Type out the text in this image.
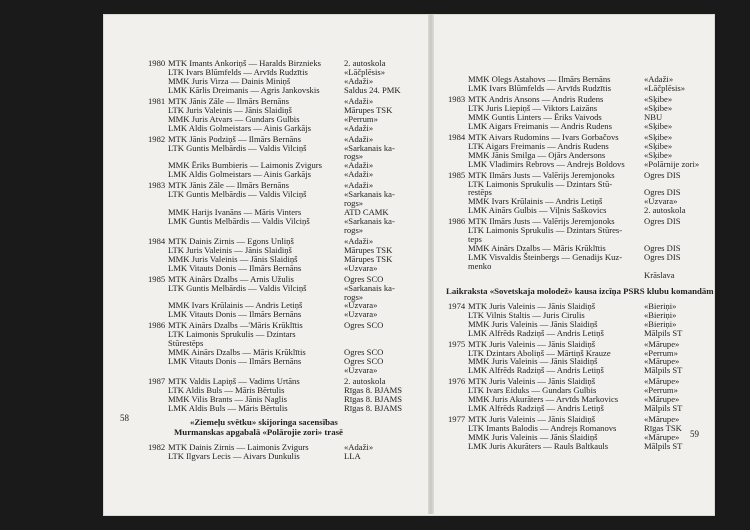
1980 MTK Imants Ankoriņš — Haralds Birznieks
LTK Ivars Blūmfelds — Arvīds Rudzītis
MMK Juris Virza — Dainis Miniņš
LMK Kārlis Dreimanis — Agris Jankovskis
2. autoskola
«Lāčplēsis»
«Adaži»
Saldus 24. PMK
1981 MTK Jānis Zāle — Ilmārs Bernāns
LTK Juris Valeinis — Jānis Slaidiņš
MMK Juris Atvars — Gundars Gulbis
LMK Aldis Golmeistars — Ainis Garkājs
«Adaži»
Mārupes TSK
«Perrum»
«Adaži»
1982 MTK Jānis Podziņš — Ilmārs Bernāns
LTK Guntis Melbārdis — Valdis Vilciņš
MMK Ēriks Bumbieris — Laimonis Zvigurs
LMK Aldis Golmeistars — Ainis Garkājs
«Adaži»
«Sarkanais ka-
rogs»
«Adaži»
«Adaži»
1983 MTK Jānis Zāle — Ilmārs Bernāns
LTK Guntis Melbārdis — Valdis Vilciņš
MMK Harijs Ivanāns — Māris Vinters
LMK Guntis Melbārdis — Valdis Vilciņš
«Adaži»
«Sarkanais ka-
rogs»
ATD CAMK
«Sarkanais ka-
rogs»
1984 MTK Dainis Zirnis — Egons Unliņš
LTK Juris Valeinis — Jānis Slaidiņš
MMK Juris Valeinis — Jānis Slaidiņš
LMK Vitauts Donis — Ilmārs Bernāns
«Adaži»
Mārupes TSK
Mārupes TSK
«Uzvara»
1985 MTK Ainārs Dzalbs — Arnis Užulis
LTK Guntis Melbārdis — Valdis Vilciņš
MMK Ivars Krūlainis — Andris Letiņš
LMK Vitauts Donis — Ilmārs Bernāns
Ogres SCO
«Sarkanais ka-
rogs»
«Uzvara»
«Uzvara»
1986 MTK Ainārs Dzalbs —'Māris Krūklītis
LTK Laimonis Sprukulis — Dzintars
Stūrestēps
MMK Ainārs Dzalbs — Māris Krūklītis
LMK Vitauts Donis — Ilmārs Bernāns
Ogres SCO
Ogres SCO
Ogres SCO
«Uzvara»
1987 MTK Valdis Lapiņš — Vadims Urtāns
LTK Aldis Buls — Māris Bērtulis
MMK Vilis Brants — Jānis Naglis
LMK Aldis Buls — Māris Bērtulis
2. autoskola
Rīgas 8. BJAMS
Rīgas 8. BJAMS
Rīgas 8. BJAMS
«Ziemeļu svētku» skijoringa sacensības
Murmanskas apgabalā «Polārojie zori» trasē
1982 MTK Dainis Zirnis — Laimonis Zvigurs
LTK Ilgvars Lecis — Aivars Dunkulis
«Adaži»
LLA
58
MMK Olegs Astahovs — Ilmārs Bernāns
LMK Ivars Blūmfelds — Arvīds Rudzītis
«Adaži»
«Lāčplēsis»
1983 MTK Andris Ansons — Andris Rudens
LTK Juris Liepiņš — Viktors Laizāns
MMK Guntis Linters — Ēriks Vaivods
LMK Aigars Freimanis — Andris Rudens
«Sķibe»
«Sķibe»
NBU
«Sķibe»
1984 MTK Aivars Rudomins — Ivars Gorbačovs
LTK Aigars Freimanis — Andris Rudens
MMK Jānis Smilga — Ojārs Andersons
LMK Vladimirs Rebrovs — Andrejs Boldovs
«Sķibe»
«Sķibe»
«Sķibe»
«Polārnije zori»
1985 MTK Ilmārs Justs — Valērijs Jeremjonoks
LTK Laimonis Sprukulis — Dzintars Stū-
restēps
MMK Ivars Krūlainis — Andris Letiņš
LMK Ainārs Gulbis — Viļnis Saškovics
Ogres DIS
Ogres DIS
«Uzvara»
2. autoskola
1986 MTK Ilmārs Justs — Valērijs Jeremjonoks
LTK Laimonis Sprukulis — Dzintars Stūres-
teps
MMK Ainārs Dzalbs — Māris Krūklītis
LMK Visvaldis Šteinbergs — Genadijs Kuz-
menko
Ogres DIS
Ogres DIS
Ogres DIS
Krāslava
Laikraksta «Sovetskaja molodež» kausa izcīņa PSRS klubu komandām
1974 MTK Juris Valeinis — Jānis Slaidiņš
LTK Vilnis Staltis — Juris Cirulis
MMK Juris Valeinis — Jānis Slaidiņš
LMK Alfrēds Radziņš — Andris Letiņš
«Bieriņi»
«Bieriņi»
«Bieriņi»
Mālpils ST
1975 MTK Juris Valeinis — Jānis Slaidiņš
LTK Dzintars Aboliņš — Mārtiņš Krauze
MMK Juris Valeinis — Jānis Slaidiņš
LMK Alfrēds Radziņš — Andris Letiņš
«Mārupe»
«Perrum»
«Mārupe»
Mālpils ST
1976 MTK Juris Valeinis — Jānis Slaidiņš
LTK Ivars Eiduks — Gundars Gulbis
MMK Juris Akurāters — Arvīds Markovics
LMK Alfrēds Radziņš — Andris Letiņš
«Mārupe»
«Perrum»
«Mārupe»
Mālpils ST
1977 MTK Juris Valeinis — Jānis Slaidiņš
LTK Imants Balodis — Andrejs Romanovs
MMK Juris Valeinis — Jānis Slaidiņš
LMK Juris Akurāters — Rauls Baltkauls
«Mārupe»
Rīgas TSK
«Mārupe»
Mālpils ST
59
